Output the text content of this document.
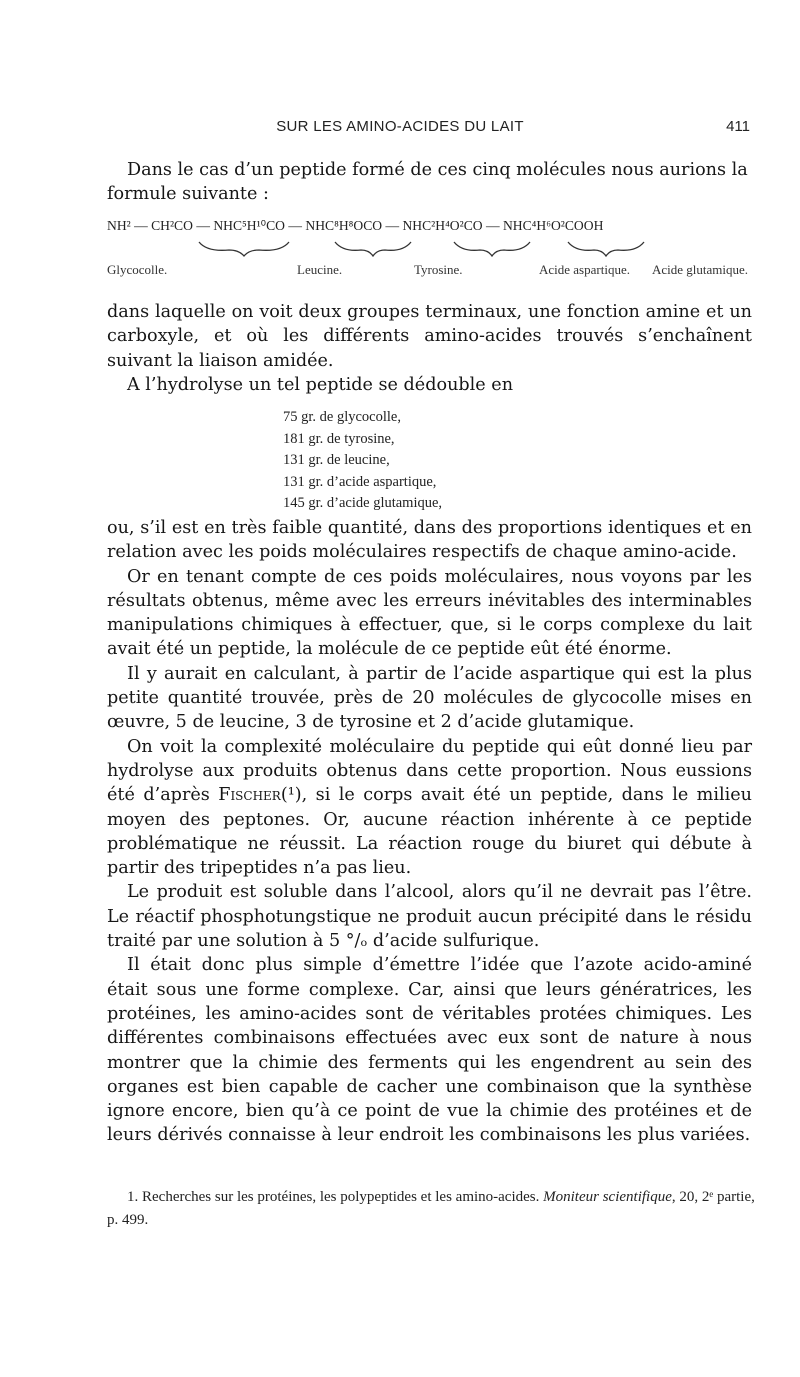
SUR LES AMINO-ACIDES DU LAIT	411
Dans le cas d’un peptide formé de ces cinq molécules nous aurions la
formule suivante :
NH² — CH²CO — NHC⁵H¹⁰CO — NHC⁸H⁸OCO — NHC²H⁴O²CO — NHC⁴H⁶O²COOH
Glycocolle.	Leucine.	Tyrosine.	Acide aspartique. Acide glutamique.

dans laquelle on voit deux groupes terminaux, une fonction amine et un carboxyle, et où les différents amino-acides trouvés s’enchaînent suivant la liaison amidée.

A l’hydrolyse un tel peptide se dédouble en

75 gr. de glycocolle,
181 gr. de tyrosine,
131 gr. de leucine,
131 gr. d’acide aspartique,
145 gr. d’acide glutamique,

ou, s’il est en très faible quantité, dans des proportions identiques et en relation avec les poids moléculaires respectifs de chaque amino-acide.

Or en tenant compte de ces poids moléculaires, nous voyons par les résultats obtenus, même avec les erreurs inévitables des interminables manipulations chimiques à effectuer, que, si le corps complexe du lait avait été un peptide, la molécule de ce peptide eût été énorme.

Il y aurait en calculant, à partir de l’acide aspartique qui est la plus petite quantité trouvée, près de 20 molécules de glycocolle mises en œuvre, 5 de leucine, 3 de tyrosine et 2 d’acide glutamique.

On voit la complexité moléculaire du peptide qui eût donné lieu par hydrolyse aux produits obtenus dans cette proportion. Nous eussions été d’après Fischer(¹), si le corps avait été un peptide, dans le milieu moyen des peptones. Or, aucune réaction inhérente à ce peptide problématique ne réussit. La réaction rouge du biuret qui débute à partir des tripeptides n’a pas lieu.

Le produit est soluble dans l’alcool, alors qu’il ne devrait pas l’être. Le réactif phosphotungstique ne produit aucun précipité dans le résidu traité par une solution à 5 °/ₒ d’acide sulfurique.

Il était donc plus simple d’émettre l’idée que l’azote acido-aminé était sous une forme complexe. Car, ainsi que leurs génératrices, les protéines, les amino-acides sont de véritables protées chimiques. Les différentes combinaisons effectuées avec eux sont de nature à nous montrer que la chimie des ferments qui les engendrent au sein des organes est bien capable de cacher une combinaison que la synthèse ignore encore, bien qu’à ce point de vue la chimie des protéines et de leurs dérivés connaisse à leur endroit les combinaisons les plus variées.

1. Recherches sur les protéines, les polypeptides et les amino-acides. Moniteur scientifique, 20, 2ᵉ partie, p. 499.
